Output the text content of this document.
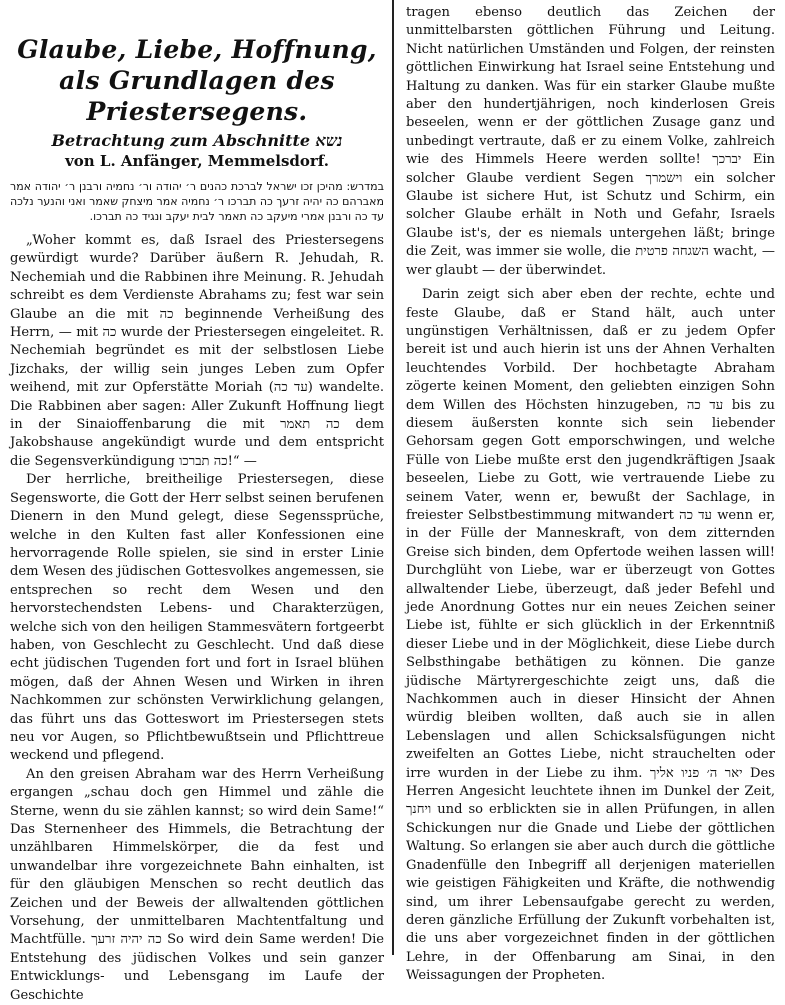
Glaube, Liebe, Hoffnung,
als Grundlagen des Priestersegens.
Betrachtung zum Abschnitte נשא
von L. Anfänger, Memmelsdorf.
במדרש: מהיכן זכו ישראל לברכת כהנים ר׳ יהודה ור׳ נחמיה ורבנן ר׳ יהודה אמר מאברהם כה יהיה זרעך כה תברכו ר׳ נחמיה אמר מיצחק שאמר ואני והנער נלכה עד כה ורבנן אמרי מיעקב כה תאמר לבית יעקב ונגיד כה תברכו.

„Woher kommt es, daß Israel des Priestersegens gewürdigt wurde? Darüber äußern R. Jehudah, R. Nechemiah und die Rabbinen ihre Meinung. R. Jehudah schreibt es dem Verdienste Abrahams zu; fest war sein Glaube an die mit כה beginnende Verheißung des Herrn, — mit כה wurde der Priestersegen eingeleitet. R. Nechemiah begründet es mit der selbstlosen Liebe Jizchaks, der willig sein junges Leben zum Opfer weihend, mit zur Opferstätte Moriah (עד כה) wandelte. Die Rabbinen aber sagen: Aller Zukunft Hoffnung liegt in der Sinaioffenbarung die mit כה תאמר dem Jakobshause angekündigt wurde und dem entspricht die Segensverkündigung כה תברכו!“ —

Der herrliche, breitheilige Priestersegen, diese Segensworte, die Gott der Herr selbst seinen berufenen Dienern in den Mund gelegt, diese Segenssprüche, welche in den Kulten fast aller Konfessionen eine hervorragende Rolle spielen, sie sind in erster Linie dem Wesen des jüdischen Gottesvolkes angemessen, sie entsprechen so recht dem Wesen und den hervorstechendsten Lebens- und Charakterzügen, welche sich von den heiligen Stammesvätern fortgeerbt haben, von Geschlecht zu Geschlecht. Und daß diese echt jüdischen Tugenden fort und fort in Israel blühen mögen, daß der Ahnen Wesen und Wirken in ihren Nachkommen zur schönsten Verwirklichung gelangen, das führt uns das Gotteswort im Priestersegen stets neu vor Augen, so Pflichtbewußtsein und Pflichttreue weckend und pflegend.

An den greisen Abraham war des Herrn Verheißung ergangen „schau doch gen Himmel und zähle die Sterne, wenn du sie zählen kannst; so wird dein Same!“ Das Sternenheer des Himmels, die Betrachtung der unzählbaren Himmelskörper, die da fest und unwandelbar ihre vorgezeichnete Bahn einhalten, ist für den gläubigen Menschen so recht deutlich das Zeichen und der Beweis der allwaltenden göttlichen Vorsehung, der unmittelbaren Machtentfaltung und Machtfülle. כה יהיה זרעך So wird dein Same werden! Die Entstehung des jüdischen Volkes und sein ganzer Entwicklungs- und Lebensgang im Laufe der Geschichte

tragen ebenso deutlich das Zeichen der unmittelbarsten göttlichen Führung und Leitung. Nicht natürlichen Umständen und Folgen, der reinsten göttlichen Einwirkung hat Israel seine Entstehung und Haltung zu danken. Was für ein starker Glaube mußte aber den hundertjährigen, noch kinderlosen Greis beseelen, wenn er der göttlichen Zusage ganz und unbedingt vertraute, daß er zu einem Volke, zahlreich wie des Himmels Heere werden sollte! יברכך Ein solcher Glaube verdient Segen וישמרך ein solcher Glaube ist sichere Hut, ist Schutz und Schirm, ein solcher Glaube erhält in Noth und Gefahr, Israels Glaube ist's, der es niemals untergehen läßt; bringe die Zeit, was immer sie wolle, die השגחה פרטית wacht, — wer glaubt — der überwindet.

Darin zeigt sich aber eben der rechte, echte und feste Glaube, daß er Stand hält, auch unter ungünstigen Verhältnissen, daß er zu jedem Opfer bereit ist und auch hierin ist uns der Ahnen Verhalten leuchtendes Vorbild. Der hochbetagte Abraham zögerte keinen Moment, den geliebten einzigen Sohn dem Willen des Höchsten hinzugeben, עד כה bis zu diesem äußersten konnte sich sein liebender Gehorsam gegen Gott emporschwingen, und welche Fülle von Liebe mußte erst den jugendkräftigen Jsaak beseelen, Liebe zu Gott, wie vertrauende Liebe zu seinem Vater, wenn er, bewußt der Sachlage, in freiester Selbstbestimmung mitwandert עד כה wenn er, in der Fülle der Manneskraft, von dem zitternden Greise sich binden, dem Opfertode weihen lassen will! Durchglüht von Liebe, war er überzeugt von Gottes allwaltender Liebe, überzeugt, daß jeder Befehl und jede Anordnung Gottes nur ein neues Zeichen seiner Liebe ist, fühlte er sich glücklich in der Erkenntniß dieser Liebe und in der Möglichkeit, diese Liebe durch Selbsthingabe bethätigen zu können. Die ganze jüdische Märtyrergeschichte zeigt uns, daß die Nachkommen auch in dieser Hinsicht der Ahnen würdig bleiben wollten, daß auch sie in allen Lebenslagen und allen Schicksalsfügungen nicht zweifelten an Gottes Liebe, nicht strauchelten oder irre wurden in der Liebe zu ihm. יאר ה׳ פניו אליך Des Herren Angesicht leuchtete ihnen im Dunkel der Zeit, ויחנך und so erblickten sie in allen Prüfungen, in allen Schickungen nur die Gnade und Liebe der göttlichen Waltung. So erlangen sie aber auch durch die göttliche Gnadenfülle den Inbegriff all derjenigen materiellen wie geistigen Fähigkeiten und Kräfte, die nothwendig sind, um ihrer Lebensaufgabe gerecht zu werden, deren gänzliche Erfüllung der Zukunft vorbehalten ist, die uns aber vorgezeichnet finden in der göttlichen Lehre, in der Offenbarung am Sinai, in den Weissagungen der Propheten.
